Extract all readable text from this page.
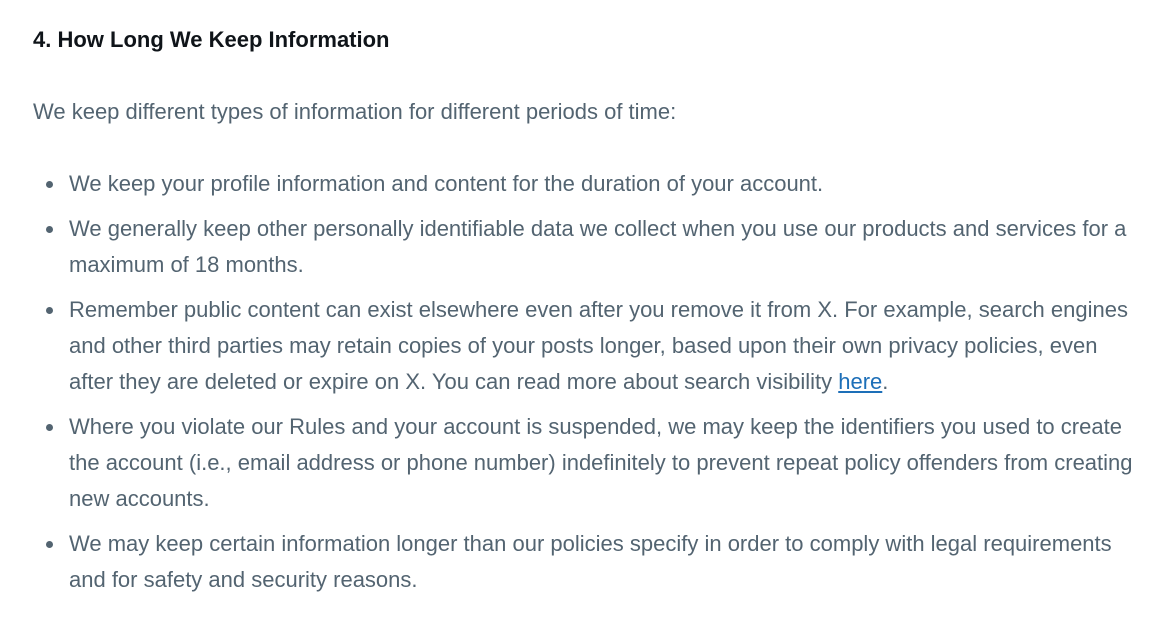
4. How Long We Keep Information

We keep different types of information for different periods of time:

We keep your profile information and content for the duration of your account.
We generally keep other personally identifiable data we collect when you use our products and services for a maximum of 18 months.
Remember public content can exist elsewhere even after you remove it from X. For example, search engines and other third parties may retain copies of your posts longer, based upon their own privacy policies, even after they are deleted or expire on X. You can read more about search visibility here.
Where you violate our Rules and your account is suspended, we may keep the identifiers you used to create the account (i.e., email address or phone number) indefinitely to prevent repeat policy offenders from creating new accounts.
We may keep certain information longer than our policies specify in order to comply with legal requirements and for safety and security reasons.
